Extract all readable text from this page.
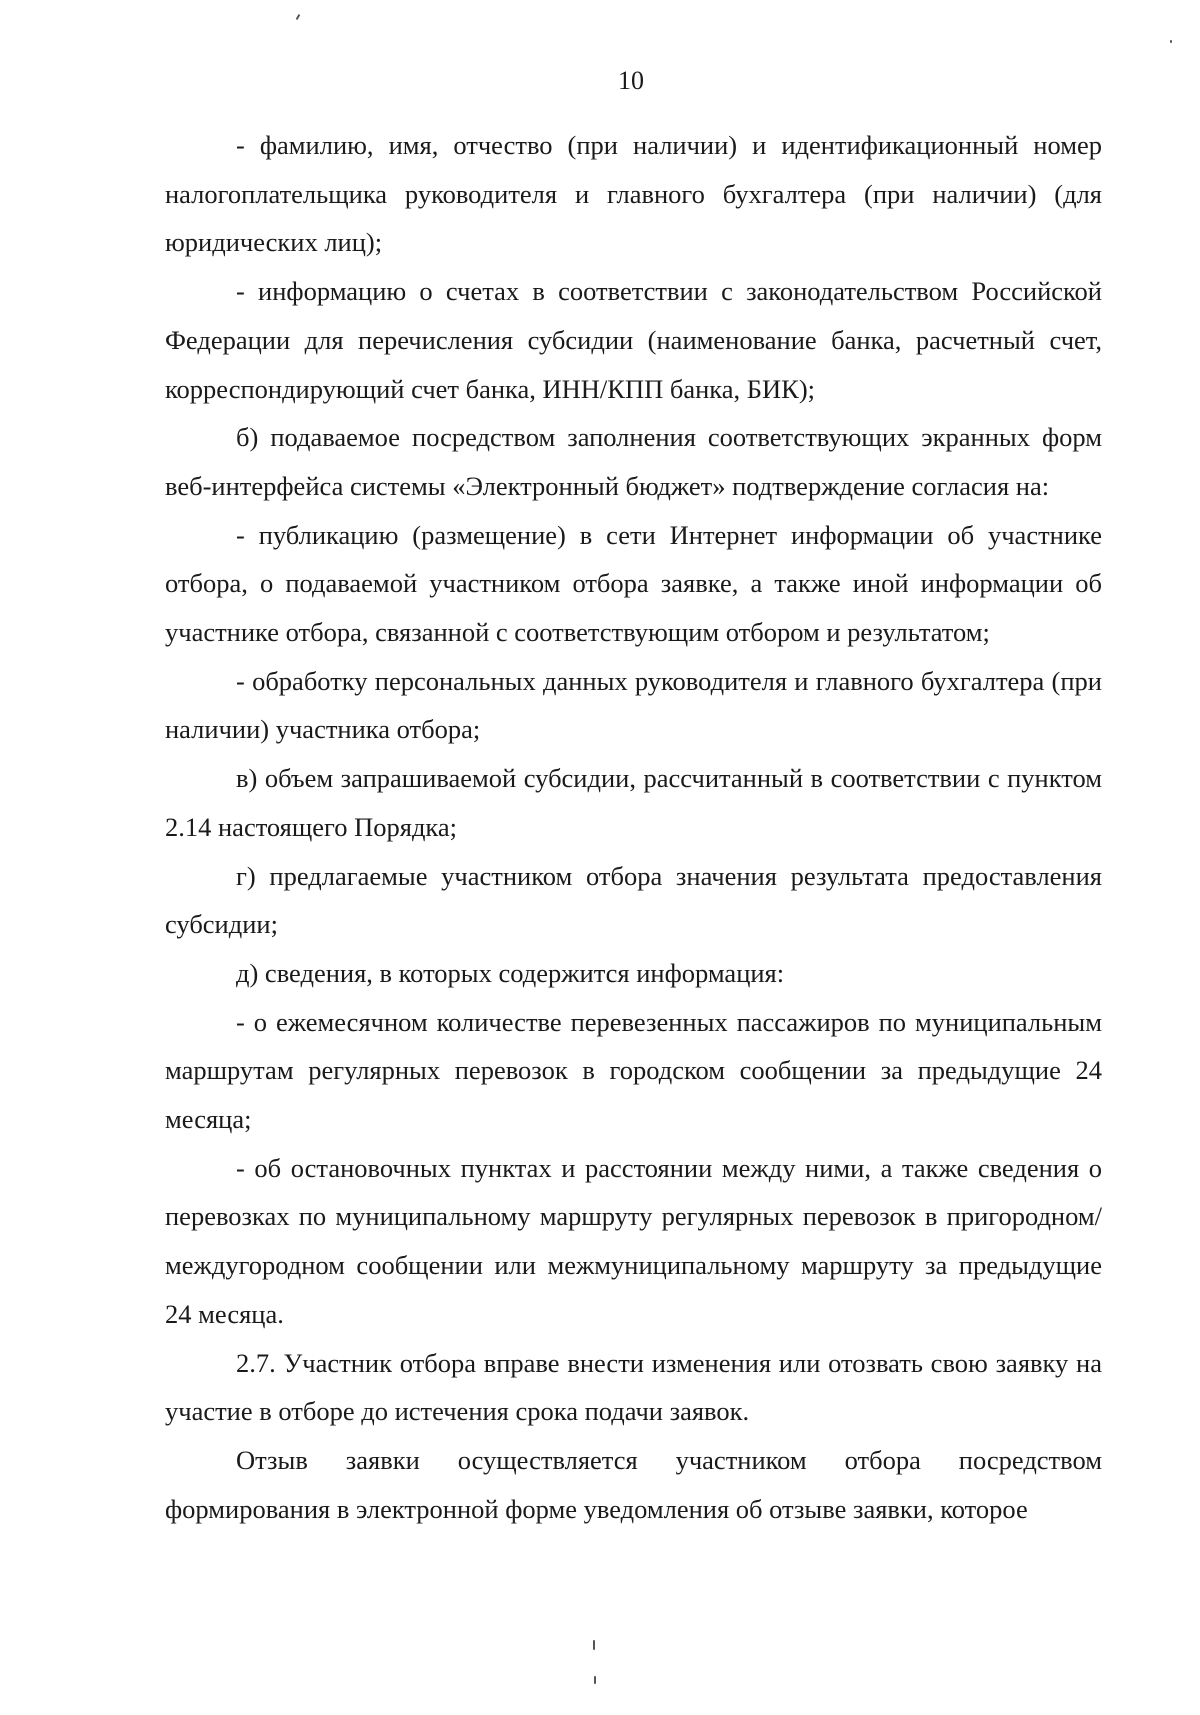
10

- фамилию, имя, отчество (при наличии) и идентификационный номер налогоплательщика руководителя и главного бухгалтера (при наличии) (для юридических лиц);

- информацию о счетах в соответствии с законодательством Российской Федерации для перечисления субсидии (наименование банка, расчетный счет, корреспондирующий счет банка, ИНН/КПП банка, БИК);

б) подаваемое посредством заполнения соответствующих экранных форм веб-интерфейса системы «Электронный бюджет» подтверждение согласия на:

- публикацию (размещение) в сети Интернет информации об участнике отбора, о подаваемой участником отбора заявке, а также иной информации об участнике отбора, связанной с соответствующим отбором и результатом;

- обработку персональных данных руководителя и главного бухгалтера (при наличии) участника отбора;

в) объем запрашиваемой субсидии, рассчитанный в соответствии с пунктом 2.14 настоящего Порядка;

г) предлагаемые участником отбора значения результата предоставления субсидии;

д) сведения, в которых содержится информация:

- о ежемесячном количестве перевезенных пассажиров по муниципальным маршрутам регулярных перевозок в городском сообщении за предыдущие 24 месяца;

- об остановочных пунктах и расстоянии между ними, а также сведения о перевозках по муниципальному маршруту регулярных перевозок в пригородном/междугородном сообщении или межмуниципальному маршруту за предыдущие 24 месяца.

2.7. Участник отбора вправе внести изменения или отозвать свою заявку на участие в отборе до истечения срока подачи заявок.

Отзыв заявки осуществляется участником отбора посредством формирования в электронной форме уведомления об отзыве заявки, которое
